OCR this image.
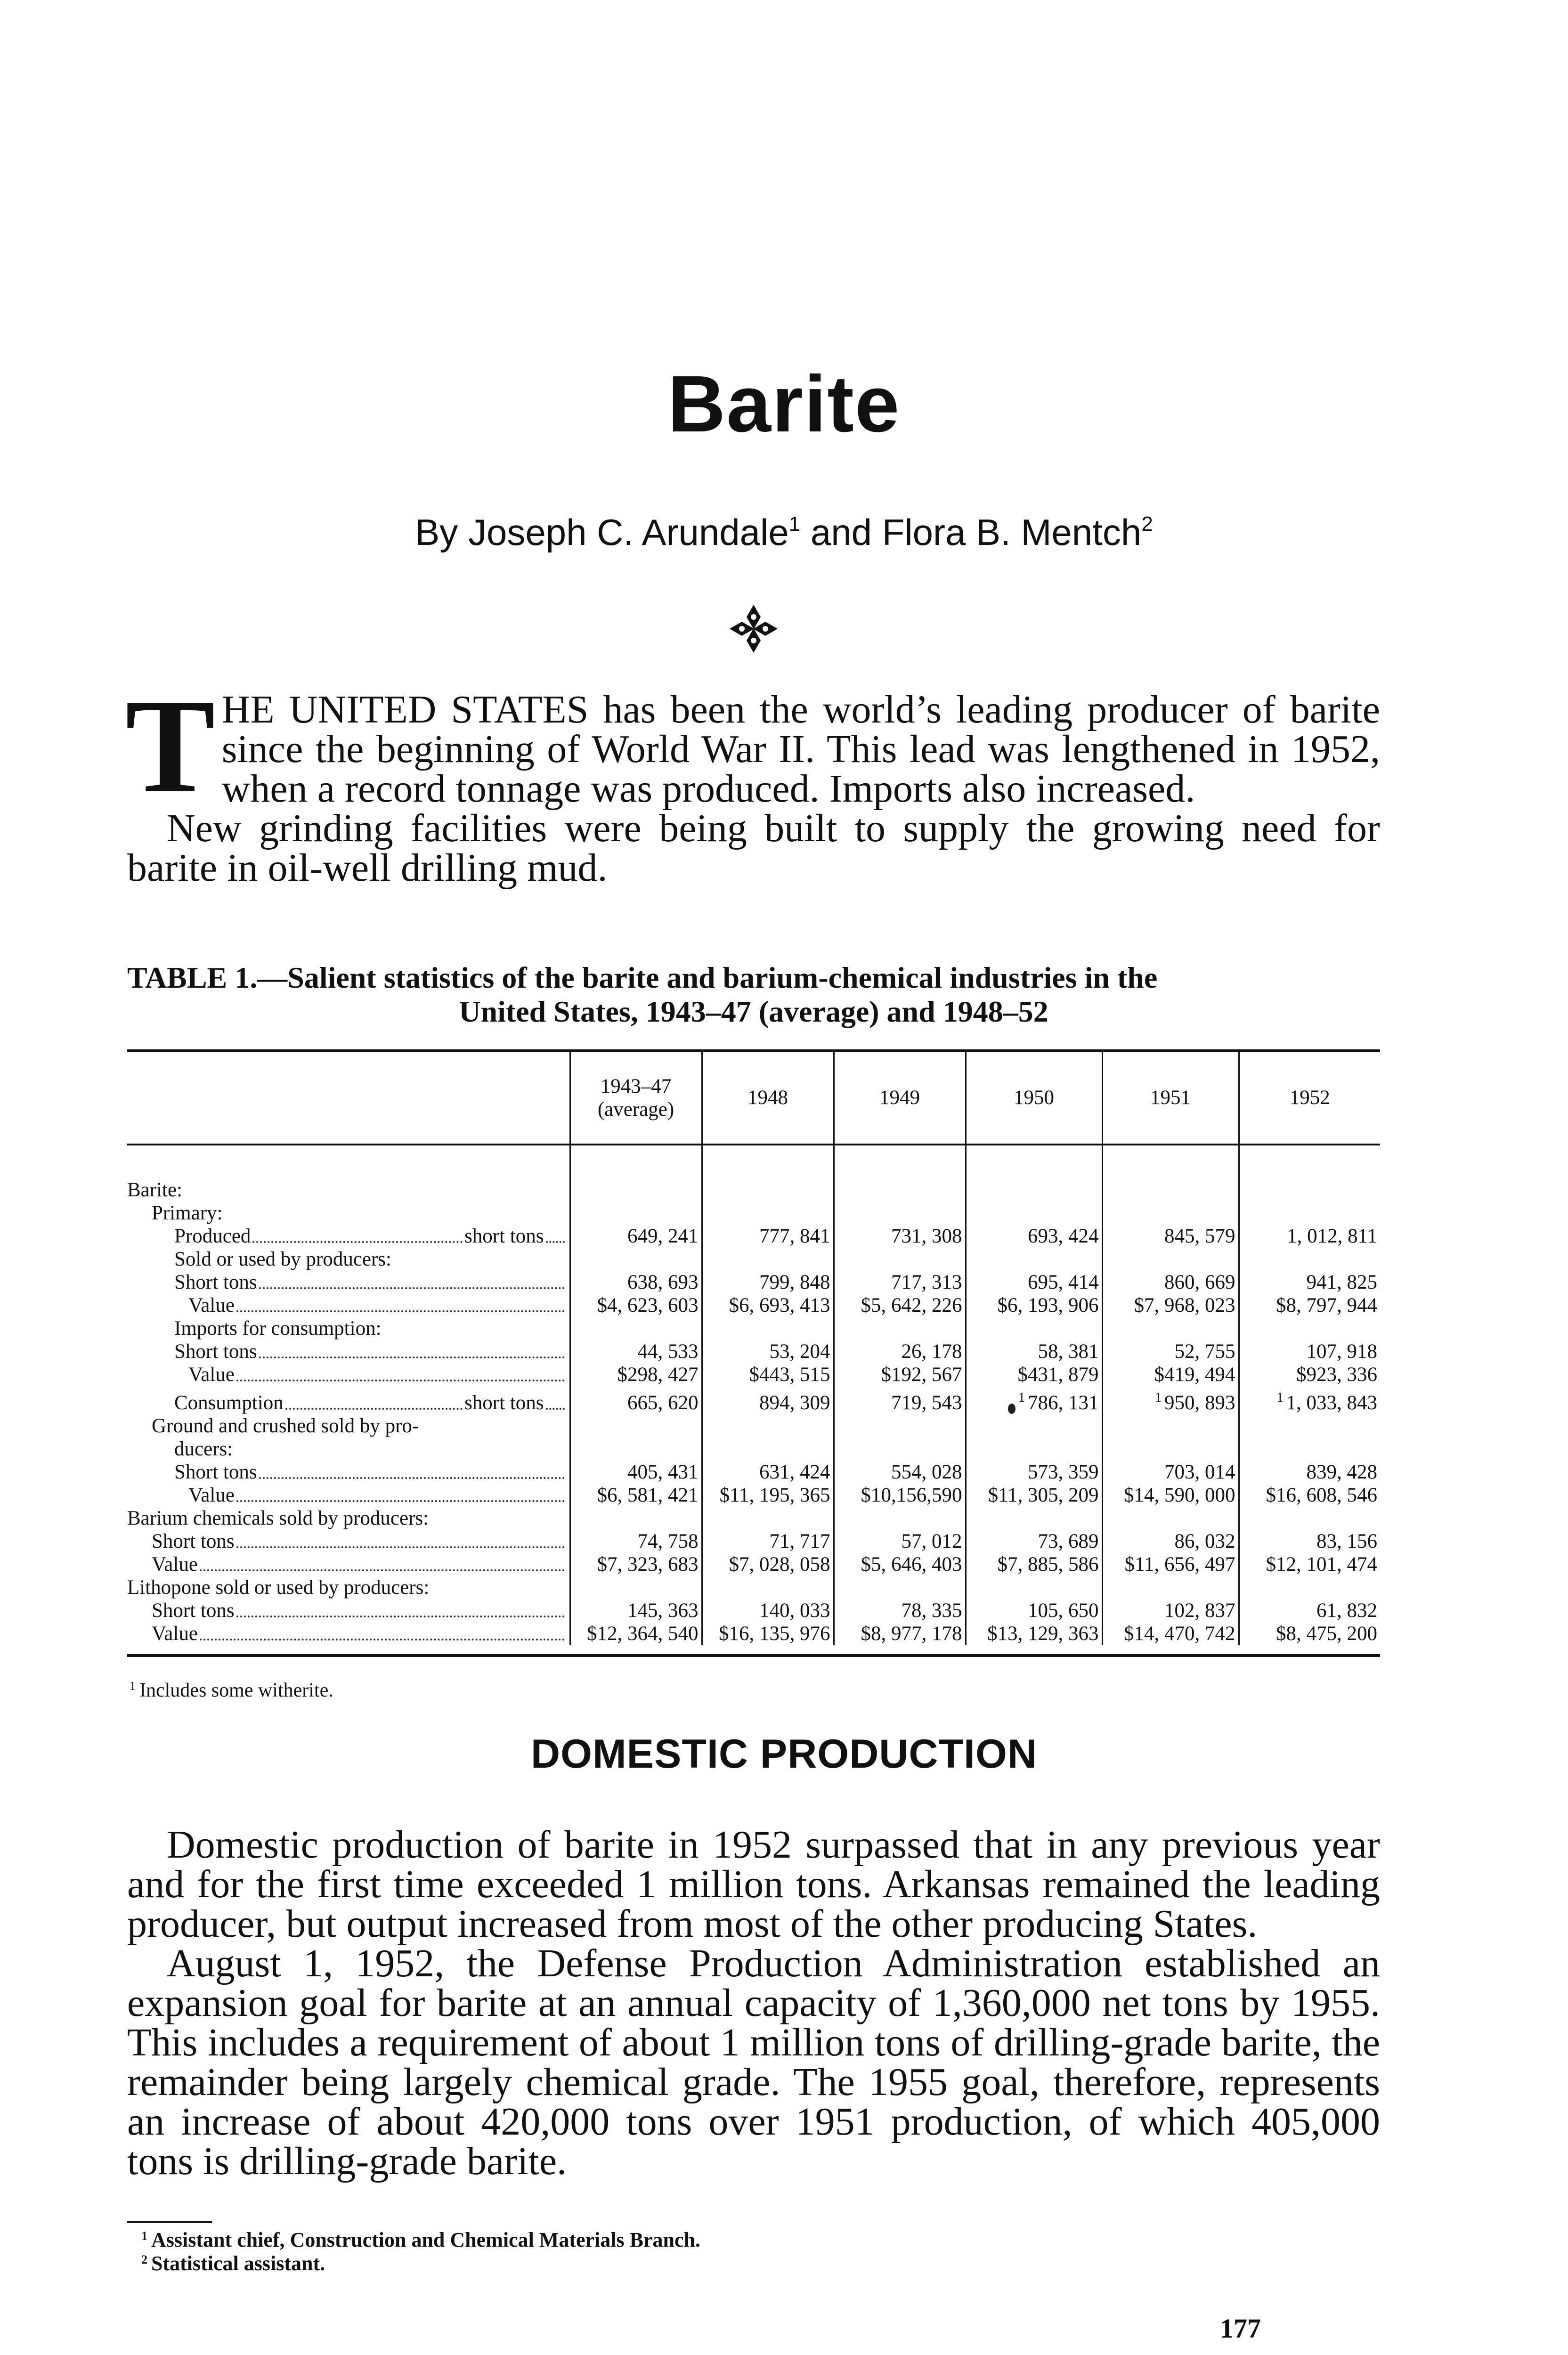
Barite
By Joseph C. Arundale$^1$ and Flora B. Mentch$^2$
THE UNITED STATES has been the world’s leading producer of barite since the beginning of World War II. This lead was lengthened in 1952, when a record tonnage was produced. Imports also increased.
New grinding facilities were being built to supply the growing need for barite in oil-well drilling mud.
TABLE 1.—Salient statistics of the barite and barium-chemical industries in the
United States, 1943–47 (average) and 1948–52
	1943–47 (average)	1948	1949	1950	1951	1952

Barite:						

Primary:						

Produced short tons	649, 241	777, 841	731, 308	693, 424	845, 579	1, 012, 811

Sold or used by producers:						

Short tons	638, 693	799, 848	717, 313	695, 414	860, 669	941, 825

Value	$4, 623, 603	$6, 693, 413	$5, 642, 226	$6, 193, 906	$7, 968, 023	$8, 797, 944

Imports for consumption:						

Short tons	44, 533	53, 204	26, 178	58, 381	52, 755	107, 918

Value	$298, 427	$443, 515	$192, 567	$431, 879	$419, 494	$923, 336

Consumption short tons	665, 620	894, 309	719, 543	$^1$ 786, 131	$^1$ 950, 893	$^1$ 1, 033, 843

Ground and crushed sold by pro-						

ducers:						

Short tons	405, 431	631, 424	554, 028	573, 359	703, 014	839, 428

Value	$6, 581, 421	$11, 195, 365	$10,156,590	$11, 305, 209	$14, 590, 000	$16, 608, 546

Barium chemicals sold by producers:						

Short tons	74, 758	71, 717	57, 012	73, 689	86, 032	83, 156

Value	$7, 323, 683	$7, 028, 058	$5, 646, 403	$7, 885, 586	$11, 656, 497	$12, 101, 474

Lithopone sold or used by producers:						

Short tons	145, 363	140, 033	78, 335	105, 650	102, 837	61, 832

Value	$12, 364, 540	$16, 135, 976	$8, 977, 178	$13, 129, 363	$14, 470, 742	$8, 475, 200
$^1$ Includes some witherite.
DOMESTIC PRODUCTION
Domestic production of barite in 1952 surpassed that in any previous year and for the first time exceeded 1 million tons. Arkansas remained the leading producer, but output increased from most of the other producing States.
August 1, 1952, the Defense Production Administration established an expansion goal for barite at an annual capacity of 1,360,000 net tons by 1955. This includes a requirement of about 1 million tons of drilling-grade barite, the remainder being largely chemical grade. The 1955 goal, therefore, represents an increase of about 420,000 tons over 1951 production, of which 405,000 tons is drilling-grade barite.
$^1$ Assistant chief, Construction and Chemical Materials Branch.
$^2$ Statistical assistant.
177
